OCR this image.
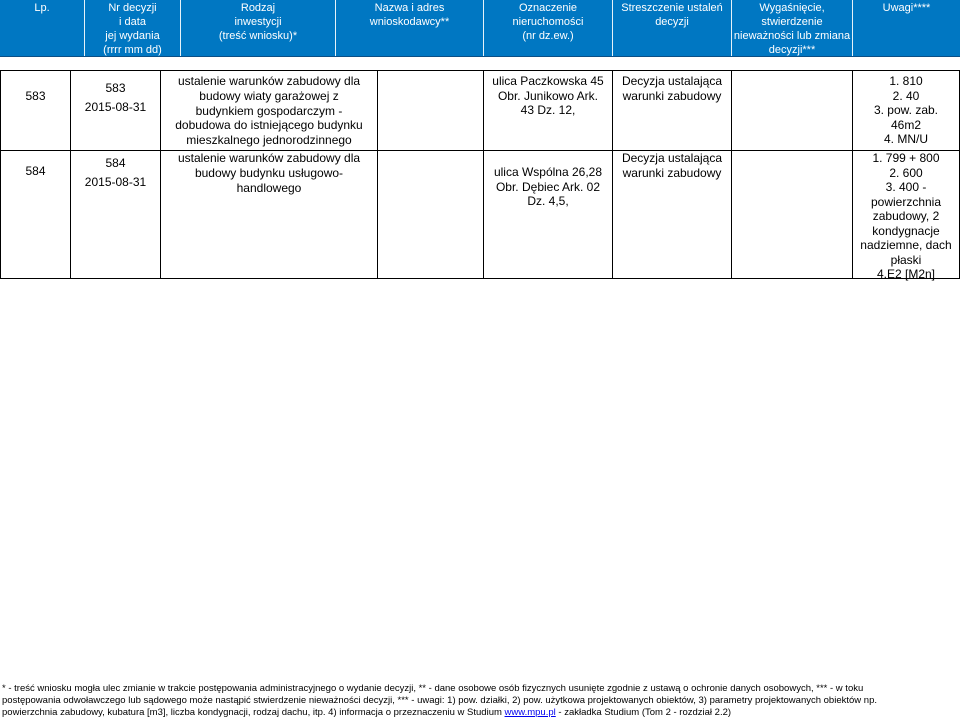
Lp.	Nr decyzji
i data
jej wydania
(rrrr mm dd)
Rodzaj
inwestycji
(treść wniosku)*
Nazwa i adres
wnioskodawcy**
Oznaczenie
nieruchomości
(nr dz.ew.)
Streszczenie ustaleń
decyzji
Wygaśnięcie,
stwierdzenie
nieważności lub zmiana
decyzji***
Uwagi****
583
583
2015-08-31
ustalenie warunków zabudowy dla
budowy wiaty garażowej z
budynkiem gospodarczym -
dobudowa do istniejącego budynku
mieszkalnego jednorodzinnego
ulica Paczkowska 45
Obr. Junikowo Ark.
43 Dz. 12,
Decyzja ustalająca
warunki zabudowy
1. 810
2. 40
3. pow. zab.
46m2
4. MN/U
584
584
2015-08-31
ustalenie warunków zabudowy dla
budowy budynku usługowo-
handlowego
ulica Wspólna 26,28
Obr. Dębiec Ark. 02
Dz. 4,5,
Decyzja ustalająca
warunki zabudowy
1. 799 + 800
2. 600
3. 400 -
powierzchnia
zabudowy, 2
kondygnacje
nadziemne, dach
płaski
4.E2 [M2n]
* - treść wniosku mogła ulec zmianie w trakcie postępowania administracyjnego o wydanie decyzji, ** - dane osobowe osób fizycznych usunięte zgodnie z ustawą o ochronie danych osobowych, *** - w toku
postępowania odwoławczego lub sądowego może nastąpić stwierdzenie nieważności decyzji, *** - uwagi: 1) pow. działki, 2) pow. użytkowa projektowanych obiektów, 3) parametry projektowanych obiektów np.
powierzchnia zabudowy, kubatura [m3], liczba kondygnacji, rodzaj dachu, itp. 4) informacja o przeznaczeniu w Studium www.mpu.pl - zakładka Studium (Tom 2 - rozdział 2.2)
